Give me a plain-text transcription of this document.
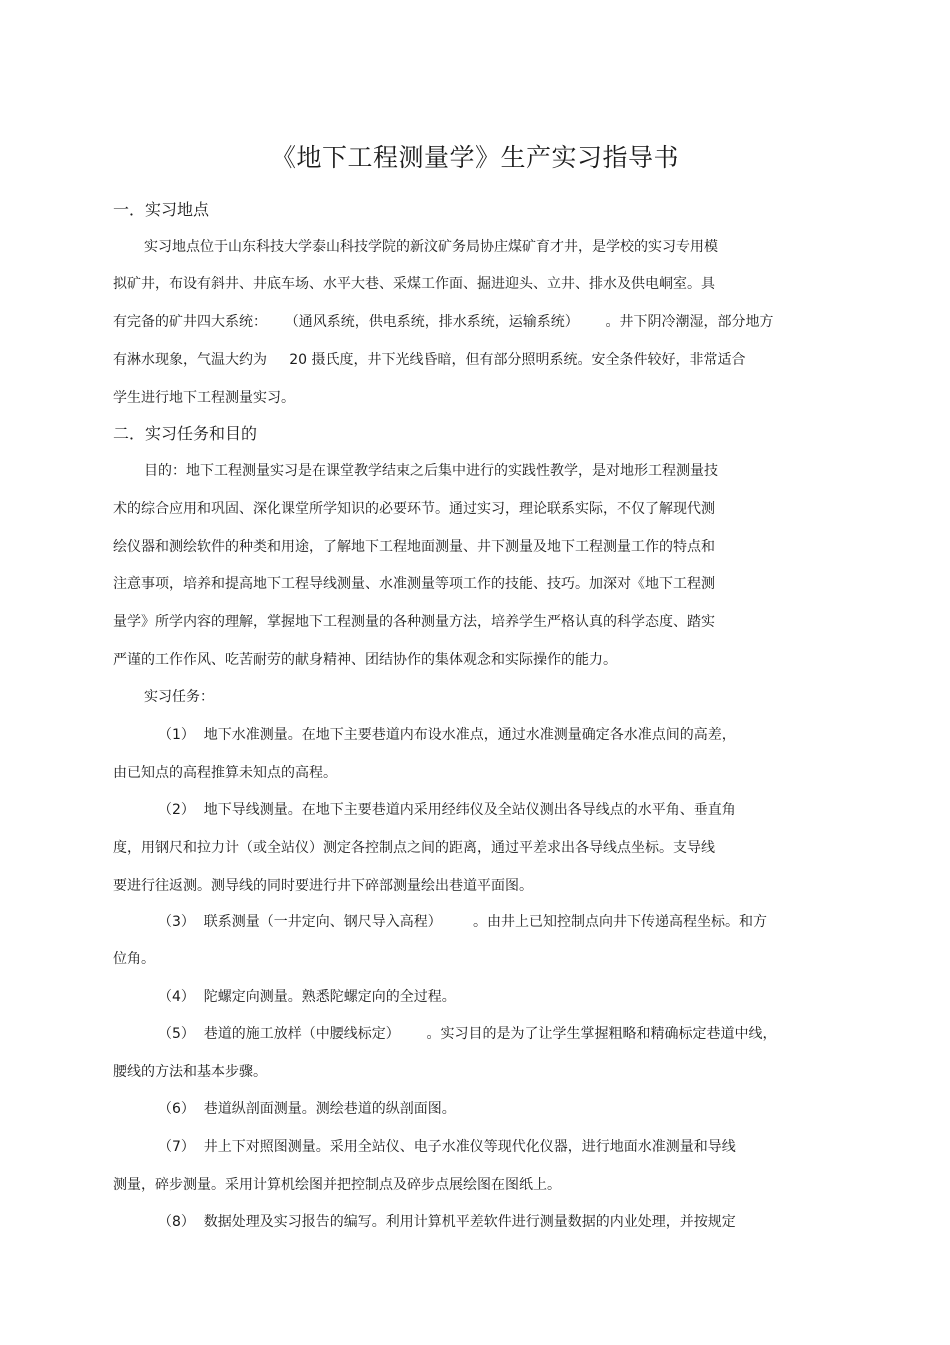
《地下工程测量学》生产实习指导书
一．实习地点
实习地点位于山东科技大学泰山科技学院的新汶矿务局协庄煤矿育才井，是学校的实习专用模
拟矿井，布设有斜井、井底车场、水平大巷、采煤工作面、掘进迎头、立井、排水及供电峒室。具
有完备的矿井四大系统：    （通风系统，供电系统，排水系统，运输系统）      。井下阴冷潮湿，部分地方
有淋水现象，气温大约为     20 摄氏度，井下光线昏暗，但有部分照明系统。安全条件较好，非常适合
学生进行地下工程测量实习。
二．实习任务和目的
目的：地下工程测量实习是在课堂教学结束之后集中进行的实践性教学，是对地形工程测量技
术的综合应用和巩固、深化课堂所学知识的必要环节。通过实习，理论联系实际，不仅了解现代测
绘仪器和测绘软件的种类和用途，了解地下工程地面测量、井下测量及地下工程测量工作的特点和
注意事项，培养和提高地下工程导线测量、水准测量等项工作的技能、技巧。加深对《地下工程测
量学》所学内容的理解，掌握地下工程测量的各种测量方法，培养学生严格认真的科学态度、踏实
严谨的工作作风、吃苦耐劳的献身精神、团结协作的集体观念和实际操作的能力。
实习任务：
（1）  地下水准测量。在地下主要巷道内布设水准点，通过水准测量确定各水准点间的高差，
由已知点的高程推算未知点的高程。
（2）  地下导线测量。在地下主要巷道内采用经纬仪及全站仪测出各导线点的水平角、垂直角
度，用钢尺和拉力计（或全站仪）测定各控制点之间的距离，通过平差求出各导线点坐标。支导线
要进行往返测。测导线的同时要进行井下碎部测量绘出巷道平面图。
（3）  联系测量（一井定向、钢尺导入高程）       。由井上已知控制点向井下传递高程坐标。和方
位角。
（4）  陀螺定向测量。熟悉陀螺定向的全过程。
（5）  巷道的施工放样（中腰线标定）      。实习目的是为了让学生掌握粗略和精确标定巷道中线，
腰线的方法和基本步骤。
（6）  巷道纵剖面测量。测绘巷道的纵剖面图。
（7）  井上下对照图测量。采用全站仪、电子水准仪等现代化仪器，进行地面水准测量和导线
测量，碎步测量。采用计算机绘图并把控制点及碎步点展绘图在图纸上。
（8）  数据处理及实习报告的编写。利用计算机平差软件进行测量数据的内业处理，并按规定
